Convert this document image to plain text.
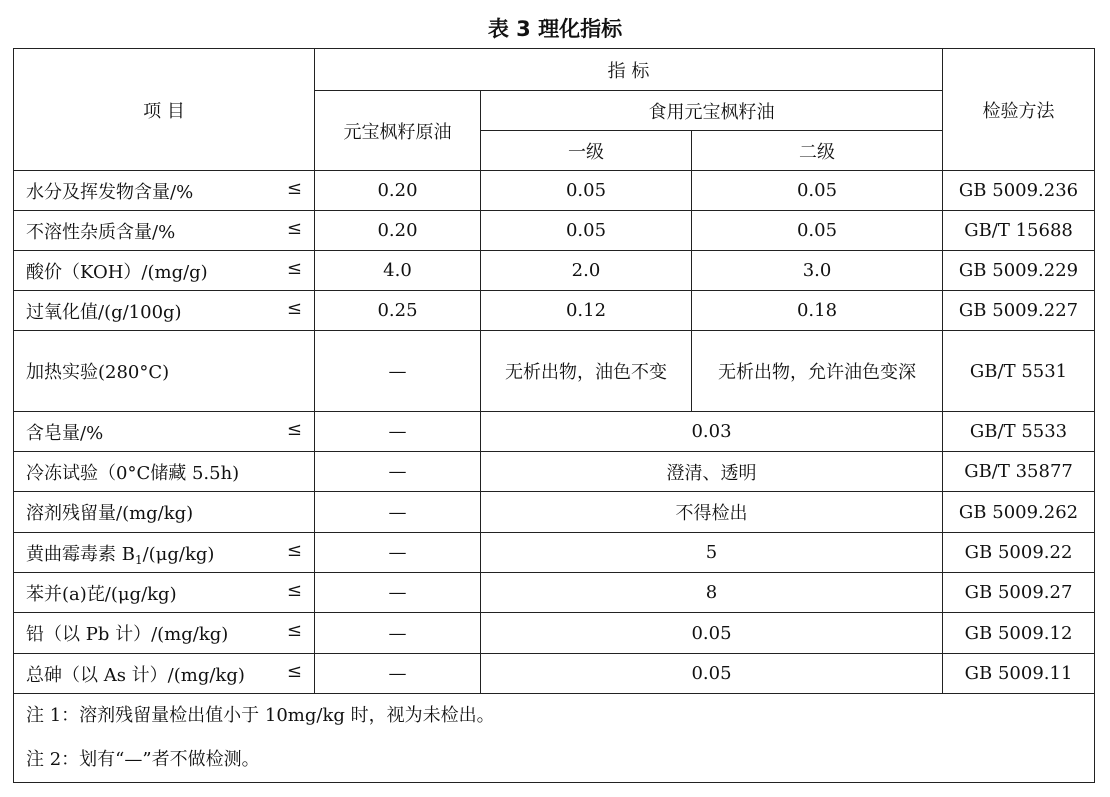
表 3 理化指标
项 目	指 标			检验方法
	元宝枫籽原油	食用元宝枫籽油		
		一级	二级	
水分及挥发物含量/% ≤	0.20	0.05	0.05	GB 5009.236
不溶性杂质含量/% ≤	0.20	0.05	0.05	GB/T 15688
酸价（KOH）/(mg/g) ≤	4.0	2.0	3.0	GB 5009.229
过氧化值/(g/100g) ≤	0.25	0.12	0.18	GB 5009.227
加热实验(280°C)	—	无析出物，油色不变	无析出物，允许油色变深	GB/T 5531
含皂量/% ≤	—	0.03		GB/T 5533
冷冻试验（0°C储藏 5.5h)	—	澄清、透明		GB/T 35877
溶剂残留量/(mg/kg)	—	不得检出		GB 5009.262
黄曲霉毒素 $B_1/(\mu g/kg)$ ≤	—	5		GB 5009.22
苯并(a)芘/(μg/kg) ≤	—	8		GB 5009.27
铅（以 Pb 计）/(mg/kg) ≤	—	0.05		GB 5009.12
总砷（以 As 计）/(mg/kg) ≤	—	0.05		GB 5009.11

注 1：溶剂残留量检出值小于 10mg/kg 时，视为未检出。
注 2：划有“—”者不做检测。				
